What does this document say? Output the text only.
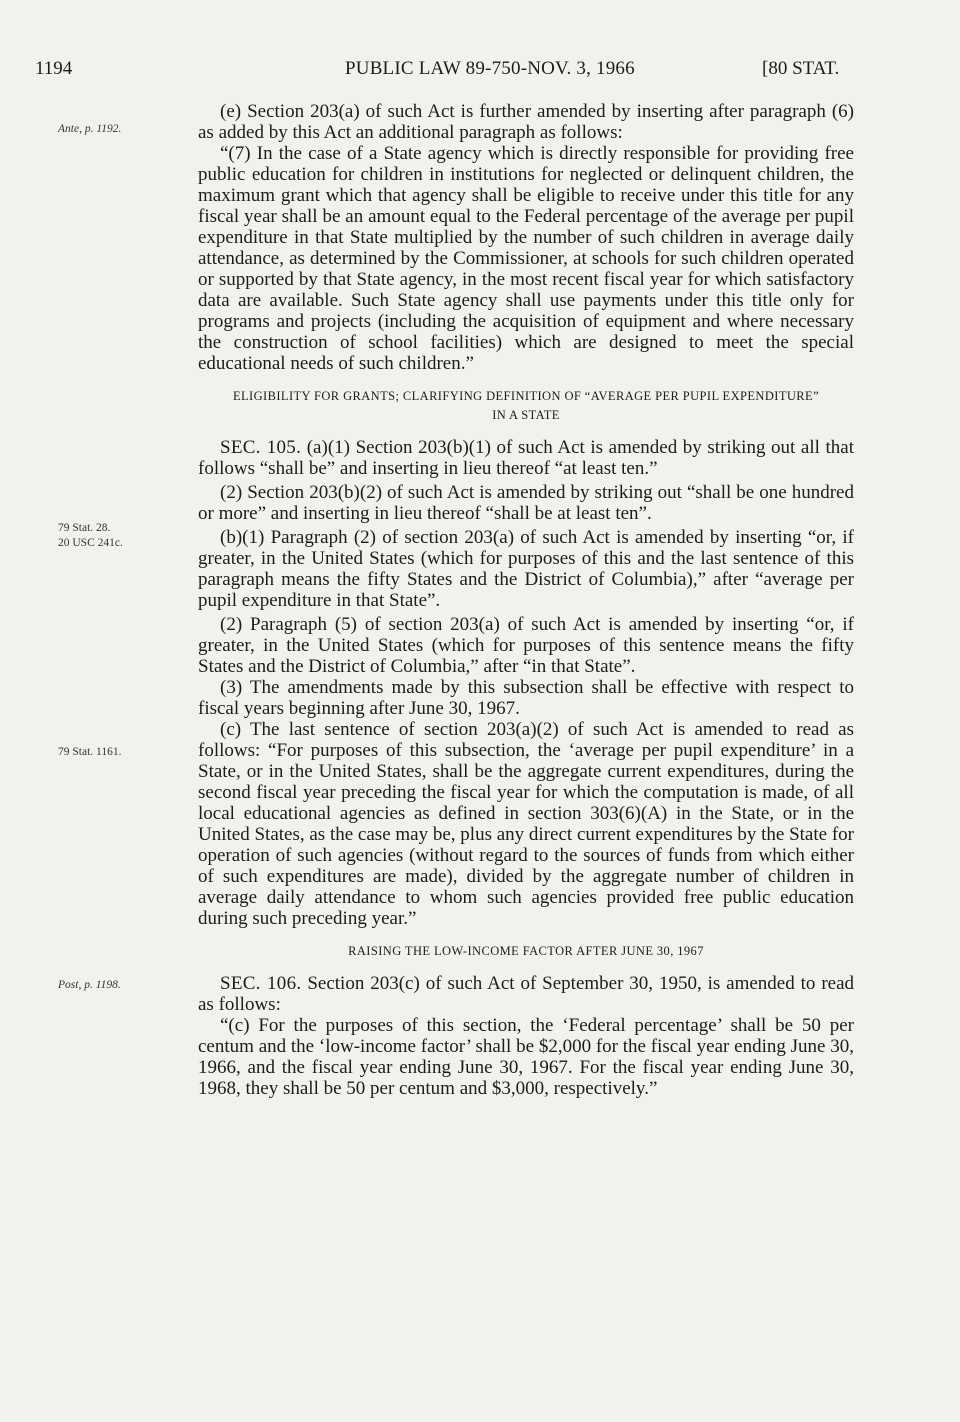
1194	PUBLIC LAW 89-750-NOV. 3, 1966	[80 STAT.
Ante, p. 1192.
79 Stat. 28.
20 USC 241c.
79 Stat. 1161.
Post, p. 1198.

(e) Section 203(a) of such Act is further amended by inserting after paragraph (6) as added by this Act an additional paragraph as follows:

“(7) In the case of a State agency which is directly responsible for providing free public education for children in institutions for neglected or delinquent children, the maximum grant which that agency shall be eligible to receive under this title for any fiscal year shall be an amount equal to the Federal percentage of the average per pupil expenditure in that State multiplied by the number of such children in average daily attendance, as determined by the Commissioner, at schools for such children operated or supported by that State agency, in the most recent fiscal year for which satisfactory data are available. Such State agency shall use payments under this title only for programs and projects (including the acquisition of equipment and where necessary the construction of school facilities) which are designed to meet the special educational needs of such children.”

ELIGIBILITY FOR GRANTS; CLARIFYING DEFINITION OF “AVERAGE PER PUPIL EXPENDITURE” IN A STATE

SEC. 105. (a)(1) Section 203(b)(1) of such Act is amended by striking out all that follows “shall be” and inserting in lieu thereof “at least ten.”

(2) Section 203(b)(2) of such Act is amended by striking out “shall be one hundred or more” and inserting in lieu thereof “shall be at least ten”.

(b)(1) Paragraph (2) of section 203(a) of such Act is amended by inserting “or, if greater, in the United States (which for purposes of this and the last sentence of this paragraph means the fifty States and the District of Columbia),” after “average per pupil expenditure in that State”.

(2) Paragraph (5) of section 203(a) of such Act is amended by inserting “or, if greater, in the United States (which for purposes of this sentence means the fifty States and the District of Columbia,” after “in that State”.

(3) The amendments made by this subsection shall be effective with respect to fiscal years beginning after June 30, 1967.

(c) The last sentence of section 203(a)(2) of such Act is amended to read as follows: “For purposes of this subsection, the ‘average per pupil expenditure’ in a State, or in the United States, shall be the aggregate current expenditures, during the second fiscal year preceding the fiscal year for which the computation is made, of all local educational agencies as defined in section 303(6)(A) in the State, or in the United States, as the case may be, plus any direct current expenditures by the State for operation of such agencies (without regard to the sources of funds from which either of such expenditures are made), divided by the aggregate number of children in average daily attendance to whom such agencies provided free public education during such preceding year.”

RAISING THE LOW-INCOME FACTOR AFTER JUNE 30, 1967

SEC. 106. Section 203(c) of such Act of September 30, 1950, is amended to read as follows:

“(c) For the purposes of this section, the ‘Federal percentage’ shall be 50 per centum and the ‘low-income factor’ shall be $2,000 for the fiscal year ending June 30, 1966, and the fiscal year ending June 30, 1967. For the fiscal year ending June 30, 1968, they shall be 50 per centum and $3,000, respectively.”
